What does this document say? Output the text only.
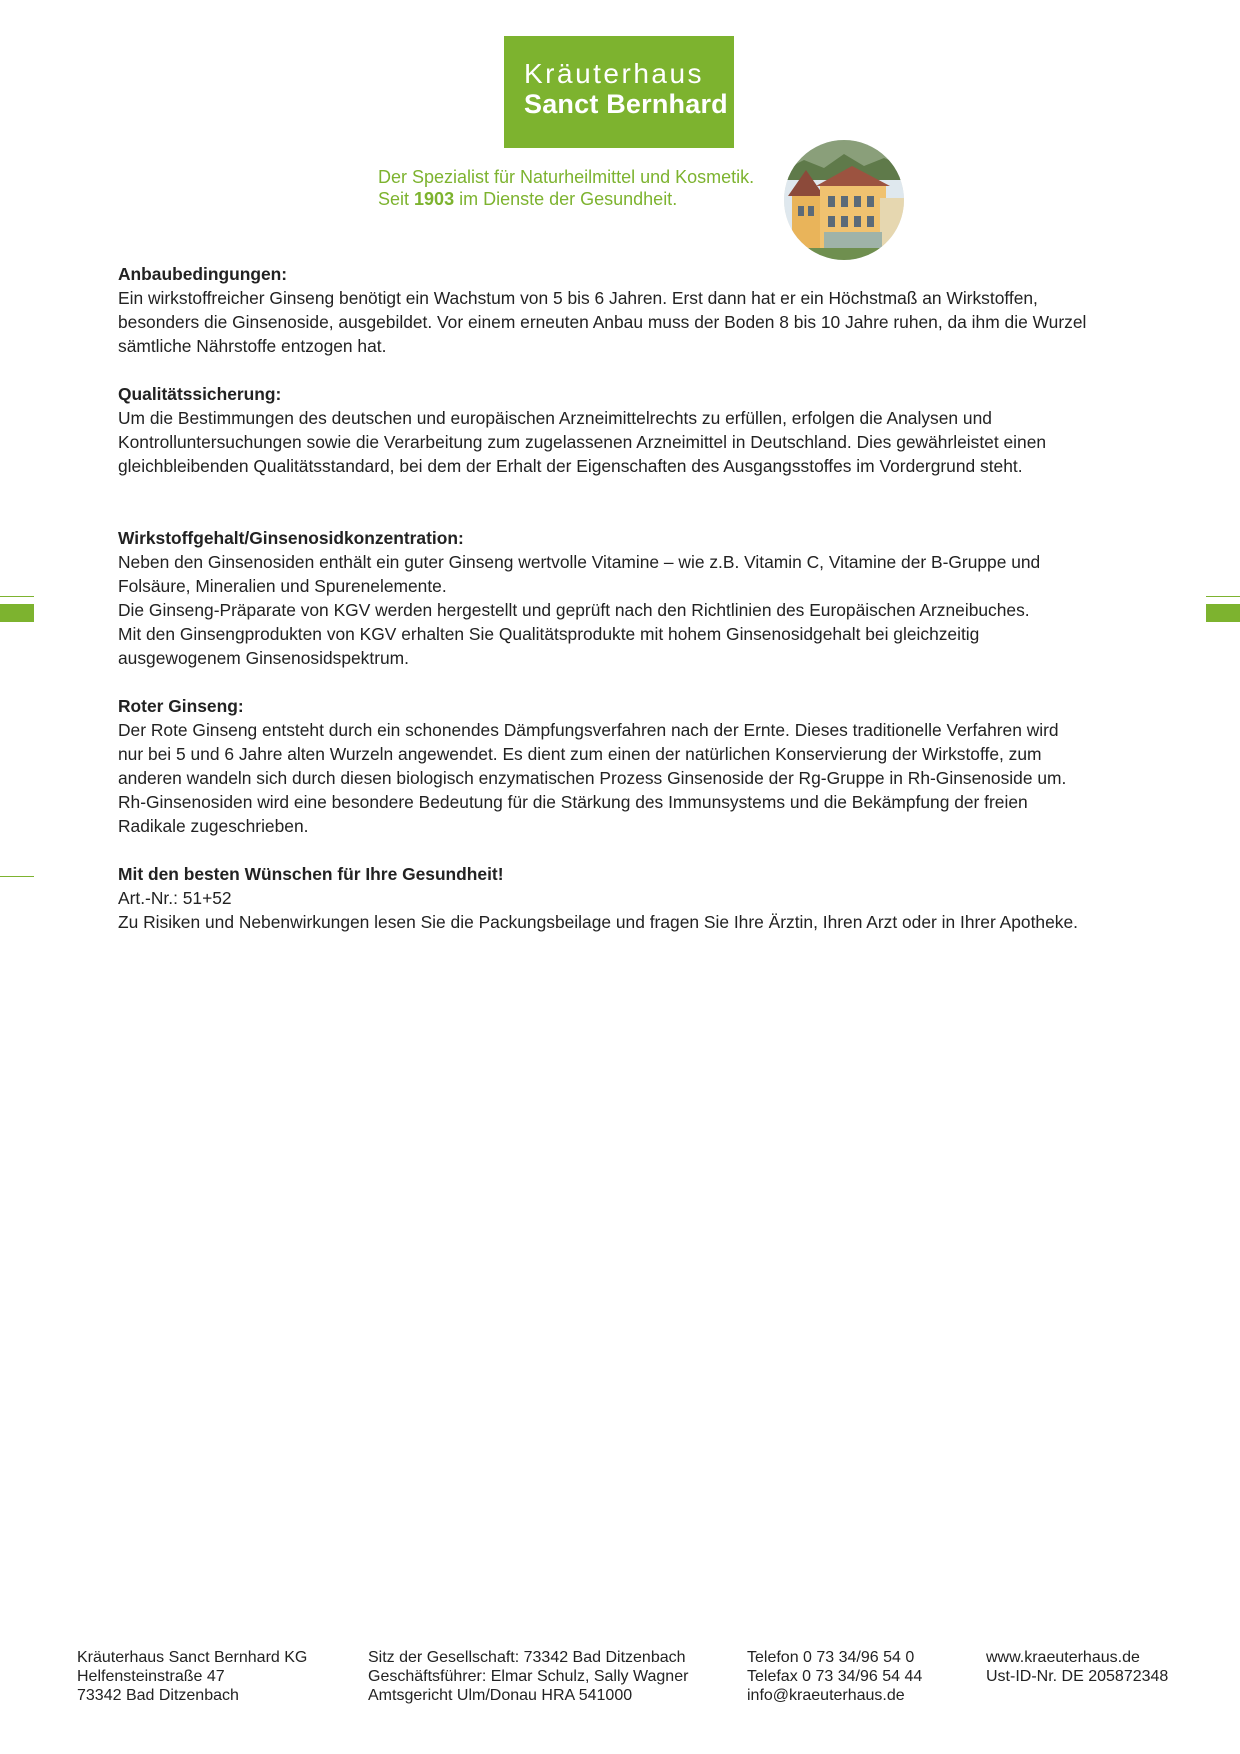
Kräuterhaus
Sanct Bernhard
Der Spezialist für Naturheilmittel und Kosmetik.
Seit 1903 im Dienste der Gesundheit.

Anbaubedingungen:

Ein wirkstoffreicher Ginseng benötigt ein Wachstum von 5 bis 6 Jahren. Erst dann hat er ein Höchstmaß an Wirkstoffen,

besonders die Ginsenoside, ausgebildet. Vor einem erneuten Anbau muss der Boden 8 bis 10 Jahre ruhen, da ihm die Wurzel

sämtliche Nährstoffe entzogen hat.

Qualitätssicherung:

Um die Bestimmungen des deutschen und europäischen Arzneimittelrechts zu erfüllen, erfolgen die Analysen und

Kontrolluntersuchungen sowie die Verarbeitung zum zugelassenen Arzneimittel in Deutschland. Dies gewährleistet einen

gleichbleibenden Qualitätsstandard, bei dem der Erhalt der Eigenschaften des Ausgangsstoffes im Vordergrund steht.

Wirkstoffgehalt/Ginsenosidkonzentration:

Neben den Ginsenosiden enthält ein guter Ginseng wertvolle Vitamine – wie z.B. Vitamin C, Vitamine der B-Gruppe und

Folsäure, Mineralien und Spurenelemente.

Die Ginseng-Präparate von KGV werden hergestellt und geprüft nach den Richtlinien des Europäischen Arzneibuches.

Mit den Ginsengprodukten von KGV erhalten Sie Qualitätsprodukte mit hohem Ginsenosidgehalt bei gleichzeitig

ausgewogenem Ginsenosidspektrum.

Roter Ginseng:

Der Rote Ginseng entsteht durch ein schonendes Dämpfungsverfahren nach der Ernte. Dieses traditionelle Verfahren wird

nur bei 5 und 6 Jahre alten Wurzeln angewendet. Es dient zum einen der natürlichen Konservierung der Wirkstoffe, zum

anderen wandeln sich durch diesen biologisch enzymatischen Prozess Ginsenoside der Rg-Gruppe in Rh-Ginsenoside um.

Rh-Ginsenosiden wird eine besondere Bedeutung für die Stärkung des Immunsystems und die Bekämpfung der freien

Radikale zugeschrieben.

Mit den besten Wünschen für Ihre Gesundheit!

Art.-Nr.: 51+52

Zu Risiken und Nebenwirkungen lesen Sie die Packungsbeilage und fragen Sie Ihre Ärztin, Ihren Arzt oder in Ihrer Apotheke.

Kräuterhaus Sanct Bernhard KG
Helfensteinstraße 47
73342 Bad Ditzenbach
Sitz der Gesellschaft: 73342 Bad Ditzenbach
Geschäftsführer: Elmar Schulz, Sally Wagner
Amtsgericht Ulm/Donau HRA 541000
Telefon 0 73 34/96 54 0
Telefax 0 73 34/96 54 44
info@kraeuterhaus.de
www.kraeuterhaus.de
Ust-ID-Nr. DE 205872348
